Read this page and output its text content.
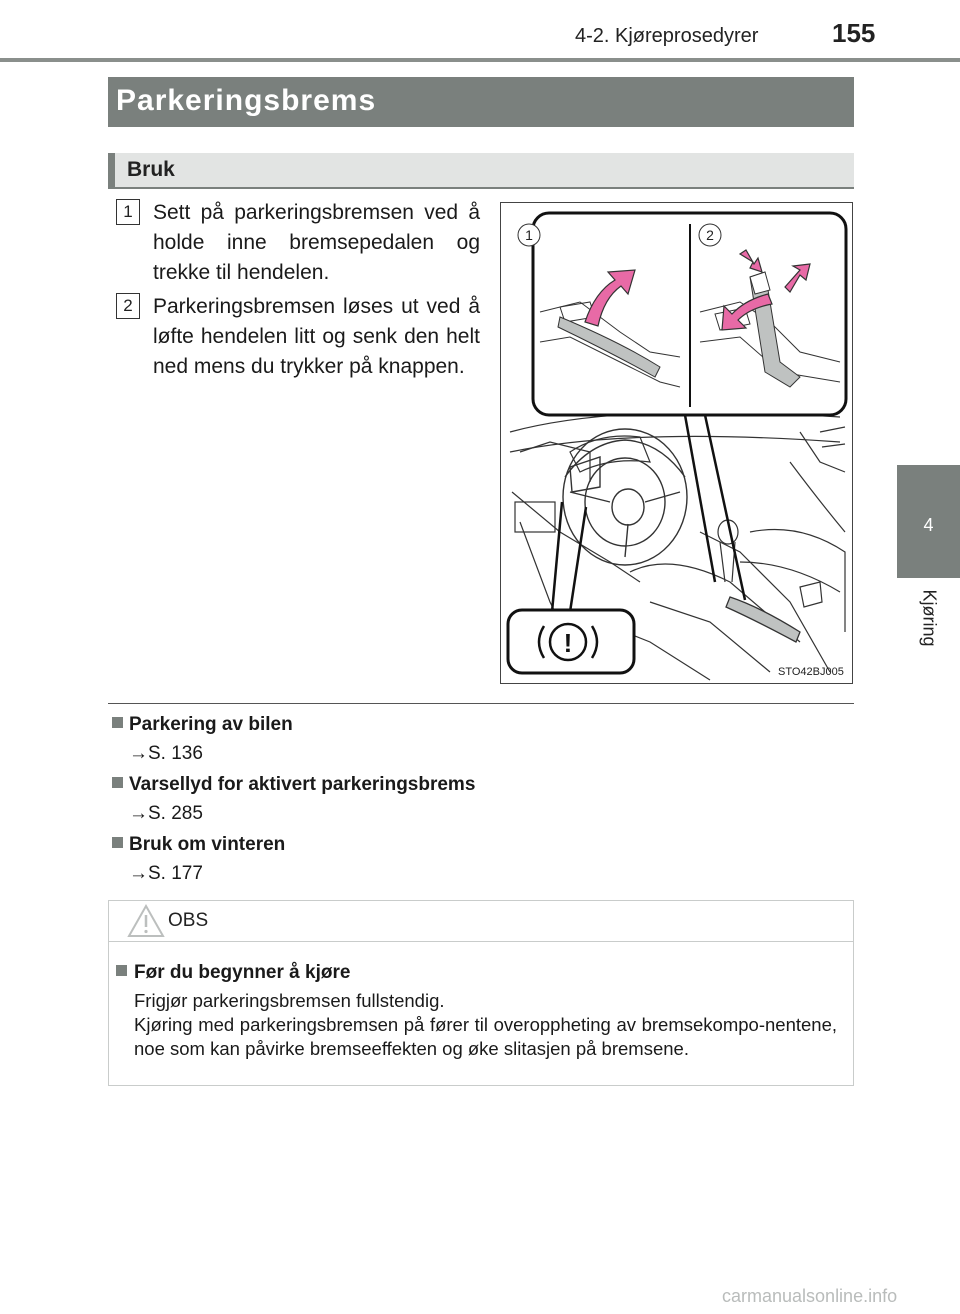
4-2. Kjøreprosedyrer	155
4
Kjøring
Parkeringsbrems
Bruk
1 Sett på parkeringsbremsen ved å holde inne bremsepedalen og trekke til hendelen.
2 Parkeringsbremsen løses ut ved å løfte hendelen litt og senk den helt ned mens du trykker på knappen.
!
1	2
STO42BJ005
Parkering av bilen
→S. 136
Varsellyd for aktivert parkeringsbrems
→S. 285
Bruk om vinteren
→S. 177
OBS
Før du begynner å kjøre

Frigjør parkeringsbremsen fullstendig.

Kjøring med parkeringsbremsen på fører til overoppheting av bremsekompo-nentene, noe som kan påvirke bremseeffekten og øke slitasjen på bremsene.

carmanualsonline.info
